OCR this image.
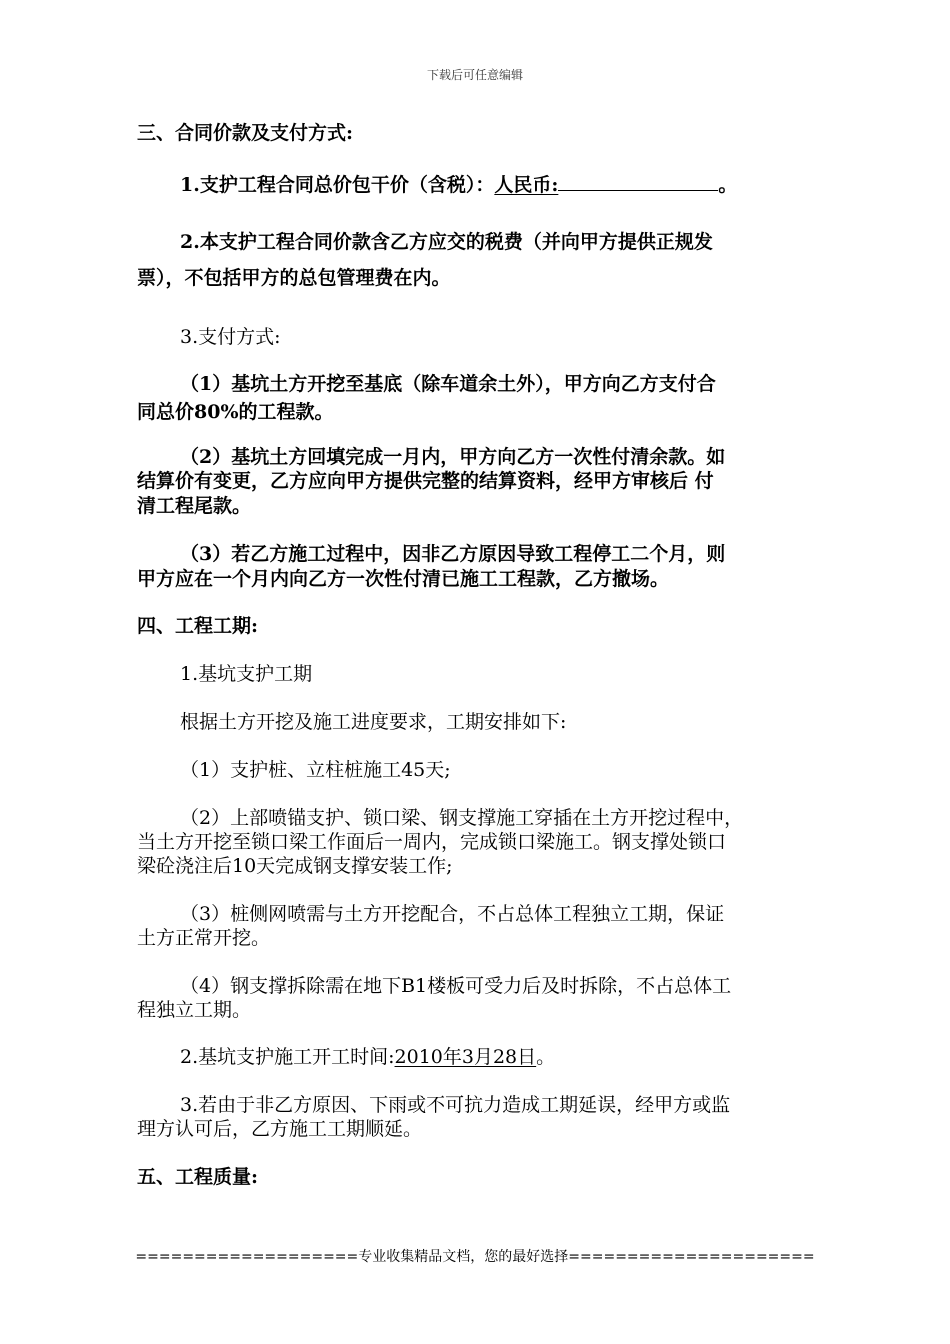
下载后可任意编辑
三、合同价款及支付方式:
1.支护工程合同总价包干价（含税）：人民币:	。
2.本支护工程合同价款含乙方应交的税费（并向甲方提供正规发
票），不包括甲方的总包管理费在内。
3.支付方式:
（1）基坑土方开挖至基底（除车道余土外），甲方向乙方支付合
同总价80%的工程款。
（2）基坑土方回填完成一月内，甲方向乙方一次性付清余款。如
结算价有变更，乙方应向甲方提供完整的结算资料，经甲方审核后 付
清工程尾款。
（3）若乙方施工过程中，因非乙方原因导致工程停工二个月，则
甲方应在一个月内向乙方一次性付清已施工工程款，乙方撤场。
四、工程工期:
1.基坑支护工期
根据土方开挖及施工进度要求，工期安排如下:
（1）支护桩、立柱桩施工45天;
（2）上部喷锚支护、锁口梁、钢支撑施工穿插在土方开挖过程中，
当土方开挖至锁口梁工作面后一周内，完成锁口梁施工。钢支撑处锁口
梁砼浇注后10天完成钢支撑安装工作;
（3）桩侧网喷需与土方开挖配合，不占总体工程独立工期，保证
土方正常开挖。
（4）钢支撑拆除需在地下B1楼板可受力后及时拆除，不占总体工
程独立工期。
2.基坑支护施工开工时间:2010年3月28日。
3.若由于非乙方原因、下雨或不可抗力造成工期延误，经甲方或监
理方认可后，乙方施工工期顺延。
五、工程质量:
===================专业收集精品文档，您的最好选择=====================
